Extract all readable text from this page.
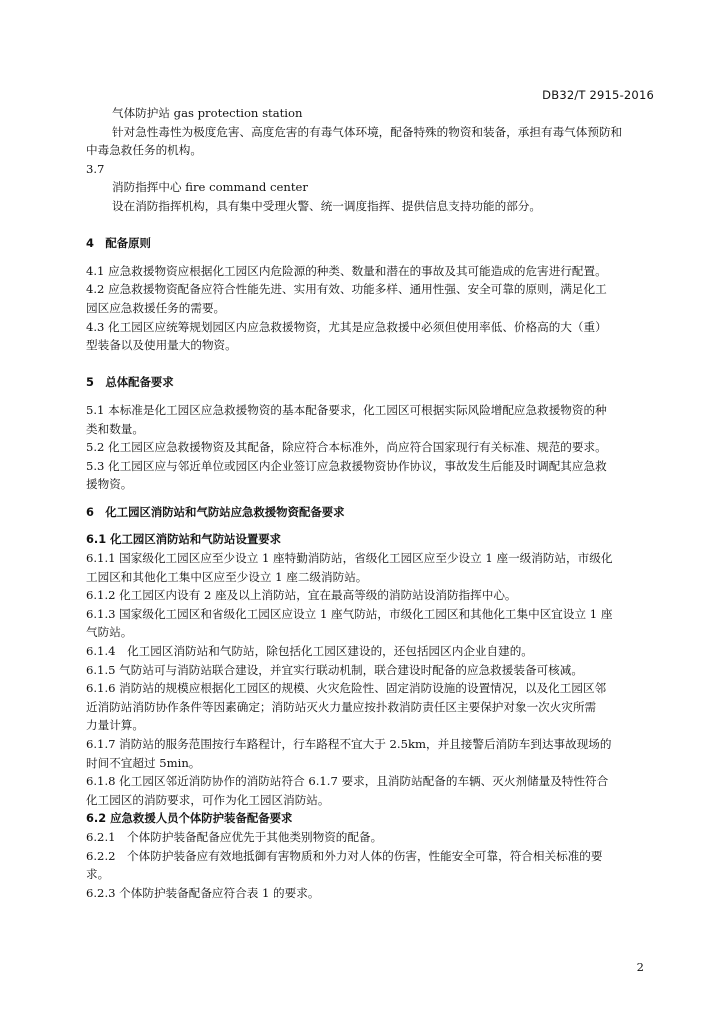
DB32/T 2915-2016
气体防护站 gas protection station
针对急性毒性为极度危害、高度危害的有毒气体环境，配备特殊的物资和装备，承担有毒气体预防和
中毒急救任务的机构。
3.7
消防指挥中心 fire command center
设在消防指挥机构，具有集中受理火警、统一调度指挥、提供信息支持功能的部分。
4　配备原则
4.1 应急救援物资应根据化工园区内危险源的种类、数量和潜在的事故及其可能造成的危害进行配置。
4.2 应急救援物资配备应符合性能先进、实用有效、功能多样、通用性强、安全可靠的原则，满足化工
园区应急救援任务的需要。
4.3 化工园区应统筹规划园区内应急救援物资，尤其是应急救援中必须但使用率低、价格高的大（重）
型装备以及使用量大的物资。
5　总体配备要求
5.1 本标准是化工园区应急救援物资的基本配备要求，化工园区可根据实际风险增配应急救援物资的种
类和数量。
5.2 化工园区应急救援物资及其配备，除应符合本标准外，尚应符合国家现行有关标准、规范的要求。
5.3 化工园区应与邻近单位或园区内企业签订应急救援物资协作协议，事故发生后能及时调配其应急救
援物资。
6　化工园区消防站和气防站应急救援物资配备要求
6.1 化工园区消防站和气防站设置要求
6.1.1 国家级化工园区应至少设立 1 座特勤消防站，省级化工园区应至少设立 1 座一级消防站，市级化
工园区和其他化工集中区应至少设立 1 座二级消防站。
6.1.2 化工园区内设有 2 座及以上消防站，宜在最高等级的消防站设消防指挥中心。
6.1.3 国家级化工园区和省级化工园区应设立 1 座气防站，市级化工园区和其他化工集中区宜设立 1 座
气防站。
6.1.4　化工园区消防站和气防站，除包括化工园区建设的，还包括园区内企业自建的。
6.1.5 气防站可与消防站联合建设，并宜实行联动机制，联合建设时配备的应急救援装备可核减。
6.1.6 消防站的规模应根据化工园区的规模、火灾危险性、固定消防设施的设置情况，以及化工园区邻
近消防站消防协作条件等因素确定；消防站灭火力量应按扑救消防责任区主要保护对象一次火灾所需
力量计算。
6.1.7 消防站的服务范围按行车路程计，行车路程不宜大于 2.5km，并且接警后消防车到达事故现场的
时间不宜超过 5min。
6.1.8 化工园区邻近消防协作的消防站符合 6.1.7 要求，且消防站配备的车辆、灭火剂储量及特性符合
化工园区的消防要求，可作为化工园区消防站。
6.2 应急救援人员个体防护装备配备要求
6.2.1　个体防护装备配备应优先于其他类别物资的配备。
6.2.2　个体防护装备应有效地抵御有害物质和外力对人体的伤害，性能安全可靠，符合相关标准的要
求。
6.2.3 个体防护装备配备应符合表 1 的要求。
2
